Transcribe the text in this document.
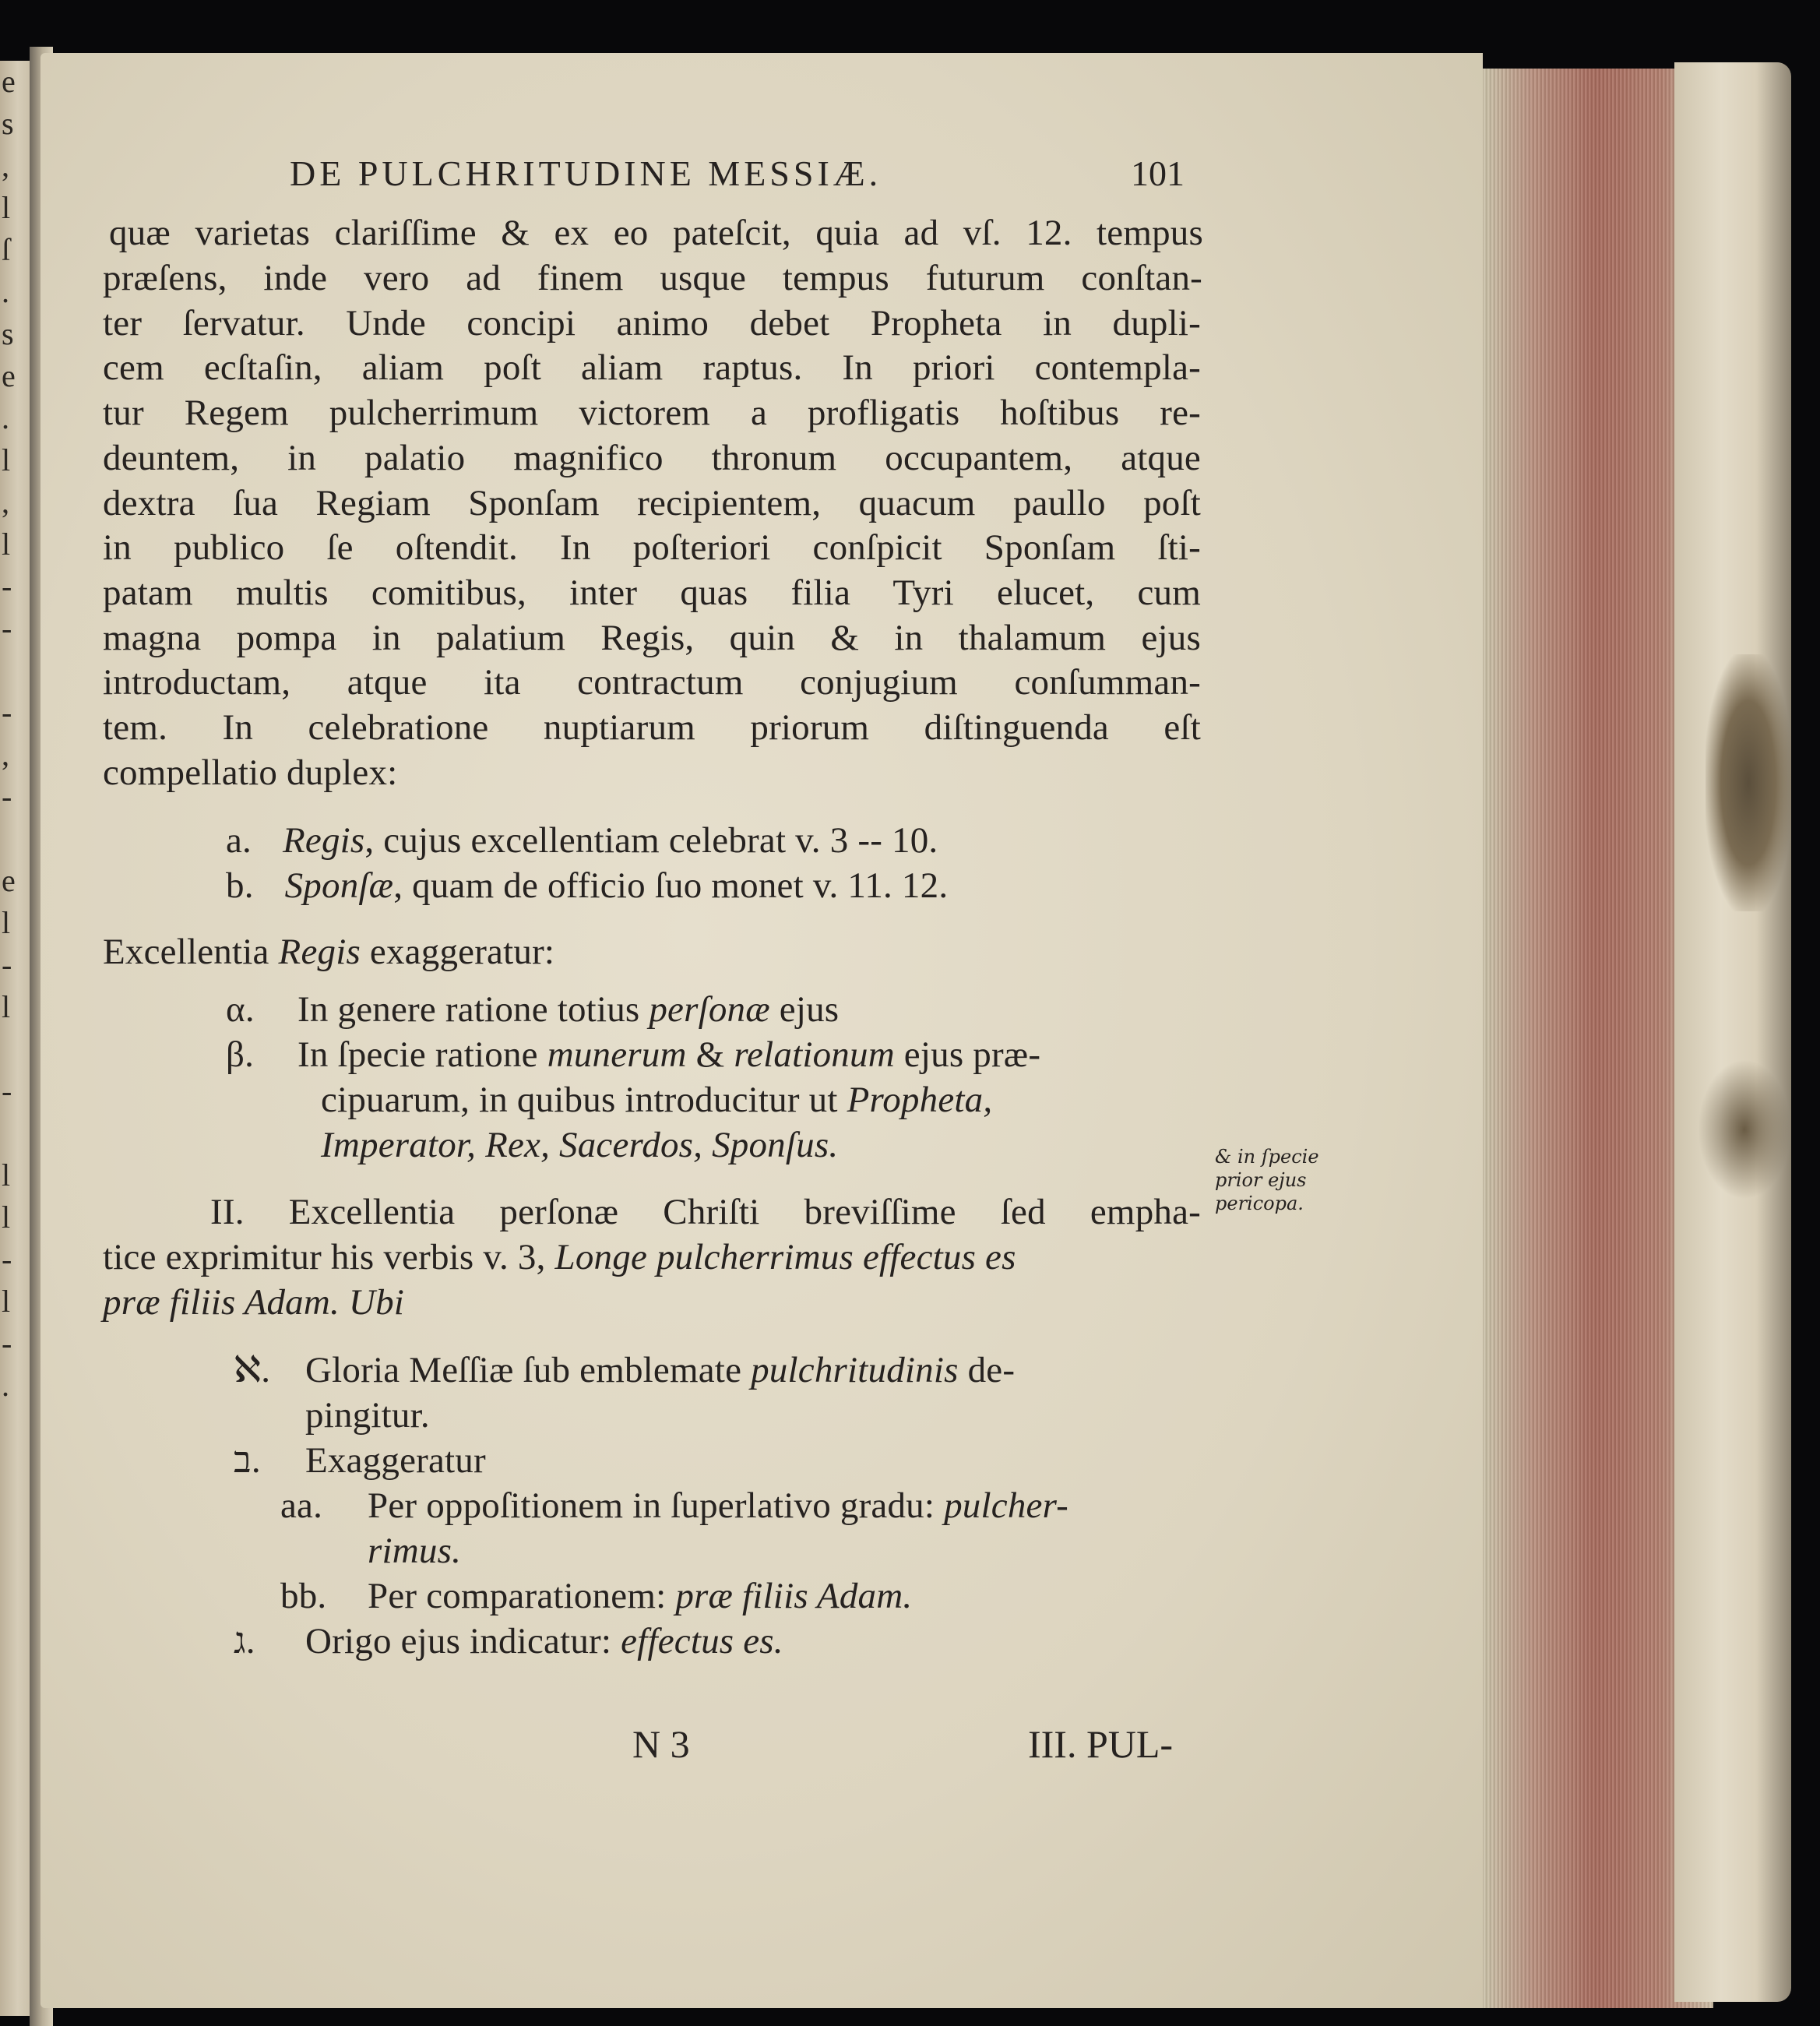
e
s
,
l
ſ
.
s
e
.
l
,
l
-
-

-
,
-

e
l
-
l

-

l
l
-
l
-
.
DE PULCHRITUDINE MESSIÆ.	101
quæ varietas clariſſime & ex eo pateſcit, quia ad vſ. 12. tempus
præſens, inde vero ad finem usque tempus futurum conſtan-
ter ſervatur. Unde concipi animo debet Propheta in dupli-
cem ecſtaſin, aliam poſt aliam raptus. In priori contempla-
tur Regem pulcherrimum victorem a profligatis hoſtibus re-
deuntem, in palatio magnifico thronum occupantem, atque
dextra ſua Regiam Sponſam recipientem, quacum paullo poſt
in publico ſe oſtendit. In poſteriori conſpicit Sponſam ſti-
patam multis comitibus, inter quas filia Tyri elucet, cum
magna pompa in palatium Regis, quin & in thalamum ejus
introductam, atque ita contractum conjugium conſumman-
tem. In celebratione nuptiarum priorum diſtinguenda eſt
compellatio duplex:
a. Regis, cujus excellentiam celebrat v. 3 -- 10.
b. Sponſæ, quam de officio ſuo monet v. 11. 12.
Excellentia Regis exaggeratur:
α. In genere ratione totius perſonæ ejus
β. In ſpecie ratione munerum & relationum ejus præ-
cipuarum, in quibus introducitur ut Propheta,
Imperator, Rex, Sacerdos, Sponſus.
II. Excellentia perſonæ Chriſti breviſſime ſed empha-
tice exprimitur his verbis v. 3, Longe pulcherrimus effectus es
præ filiis Adam. Ubi
ℵ. Gloria Meſſiæ ſub emblemate pulchritudinis de-
pingitur.
ב. Exaggeratur
aa. Per oppoſitionem in ſuperlativo gradu: pulcher-
rimus.
bb. Per comparationem: præ filiis Adam.
ג. Origo ejus indicatur: effectus es.
& in ſpecie
prior ejus
pericopa.
N 3	III. PUL-
